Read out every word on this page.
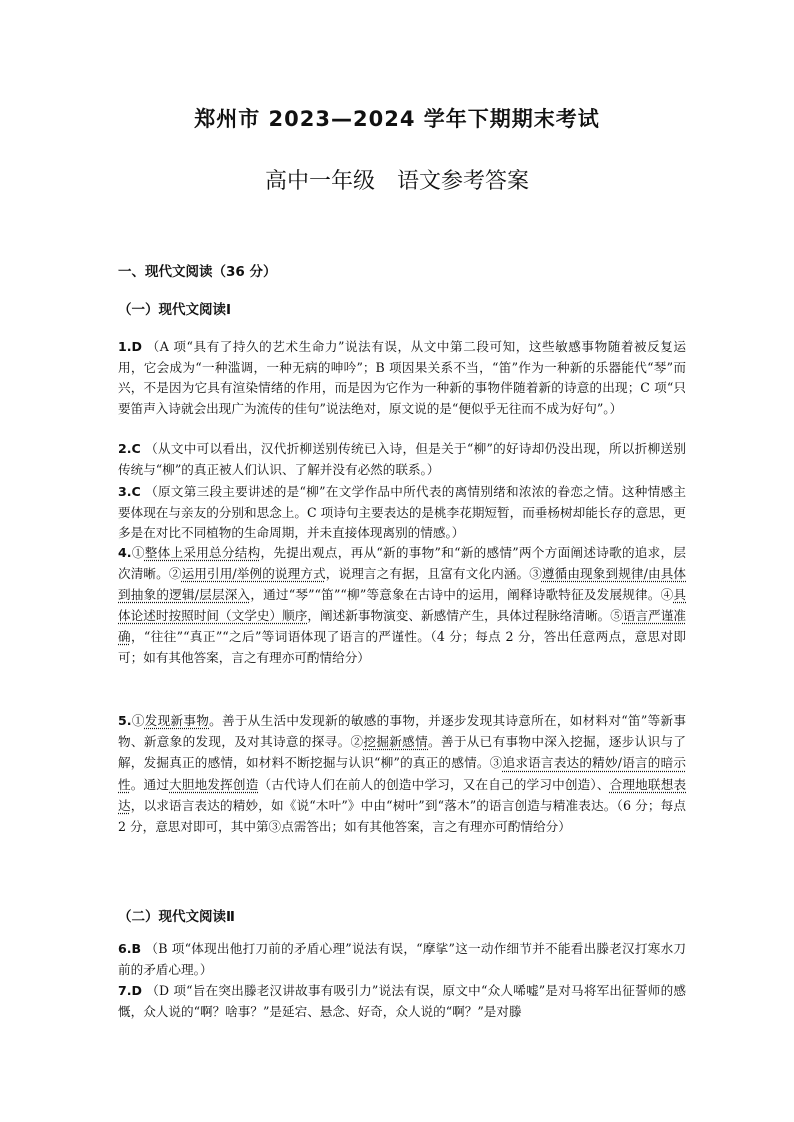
郑州市 2023—2024 学年下期期末考试
高中一年级　语文参考答案
一、现代文阅读（36 分）
（一）现代文阅读Ⅰ
1.D （A 项“具有了持久的艺术生命力”说法有误，从文中第二段可知，这些敏感事物随着被反复运用，它会成为“一种滥调，一种无病的呻吟”；B 项因果关系不当，“笛”作为一种新的乐器能代“琴”而兴，不是因为它具有渲染情绪的作用，而是因为它作为一种新的事物伴随着新的诗意的出现；C 项“只要笛声入诗就会出现广为流传的佳句”说法绝对，原文说的是“便似乎无往而不成为好句”。）
2.C （从文中可以看出，汉代折柳送别传统已入诗，但是关于“柳”的好诗却仍没出现，所以折柳送别传统与“柳”的真正被人们认识、了解并没有必然的联系。）
3.C （原文第三段主要讲述的是“柳”在文学作品中所代表的离情别绪和浓浓的眷恋之情。这种情感主要体现在与亲友的分别和思念上。C 项诗句主要表达的是桃李花期短暂，而垂杨树却能长存的意思，更多是在对比不同植物的生命周期，并未直接体现离别的情感。）
4.①整体上采用总分结构，先提出观点，再从“新的事物”和“新的感情”两个方面阐述诗歌的追求，层次清晰。②运用引用/举例的说理方式，说理言之有据，且富有文化内涵。③遵循由现象到规律/由具体到抽象的逻辑/层层深入，通过“琴”“笛”“柳”等意象在古诗中的运用，阐释诗歌特征及发展规律。④具体论述时按照时间（文学史）顺序，阐述新事物演变、新感情产生，具体过程脉络清晰。⑤语言严谨准确，“往往”“真正”“之后”等词语体现了语言的严谨性。（4 分；每点 2 分，答出任意两点，意思对即可；如有其他答案，言之有理亦可酌情给分）
5.①发现新事物。善于从生活中发现新的敏感的事物，并逐步发现其诗意所在，如材料对“笛”等新事物、新意象的发现，及对其诗意的探寻。②挖掘新感情。善于从已有事物中深入挖掘，逐步认识与了解，发掘真正的感情，如材料不断挖掘与认识“柳”的真正的感情。③追求语言表达的精妙/语言的暗示性。通过大胆地发挥创造（古代诗人们在前人的创造中学习，又在自己的学习中创造）、合理地联想表达，以求语言表达的精妙，如《说“木叶”》中由“树叶”到“落木”的语言创造与精准表达。（6 分；每点 2 分，意思对即可，其中第③点需答出；如有其他答案，言之有理亦可酌情给分）
（二）现代文阅读Ⅱ
6.B （B 项“体现出他打刀前的矛盾心理”说法有误，“摩挲”这一动作细节并不能看出滕老汉打寒水刀前的矛盾心理。）
7.D （D 项“旨在突出滕老汉讲故事有吸引力”说法有误，原文中“众人唏嘘”是对马将军出征誓师的感慨，众人说的“啊？啥事？”是延宕、悬念、好奇，众人说的“啊？”是对滕
